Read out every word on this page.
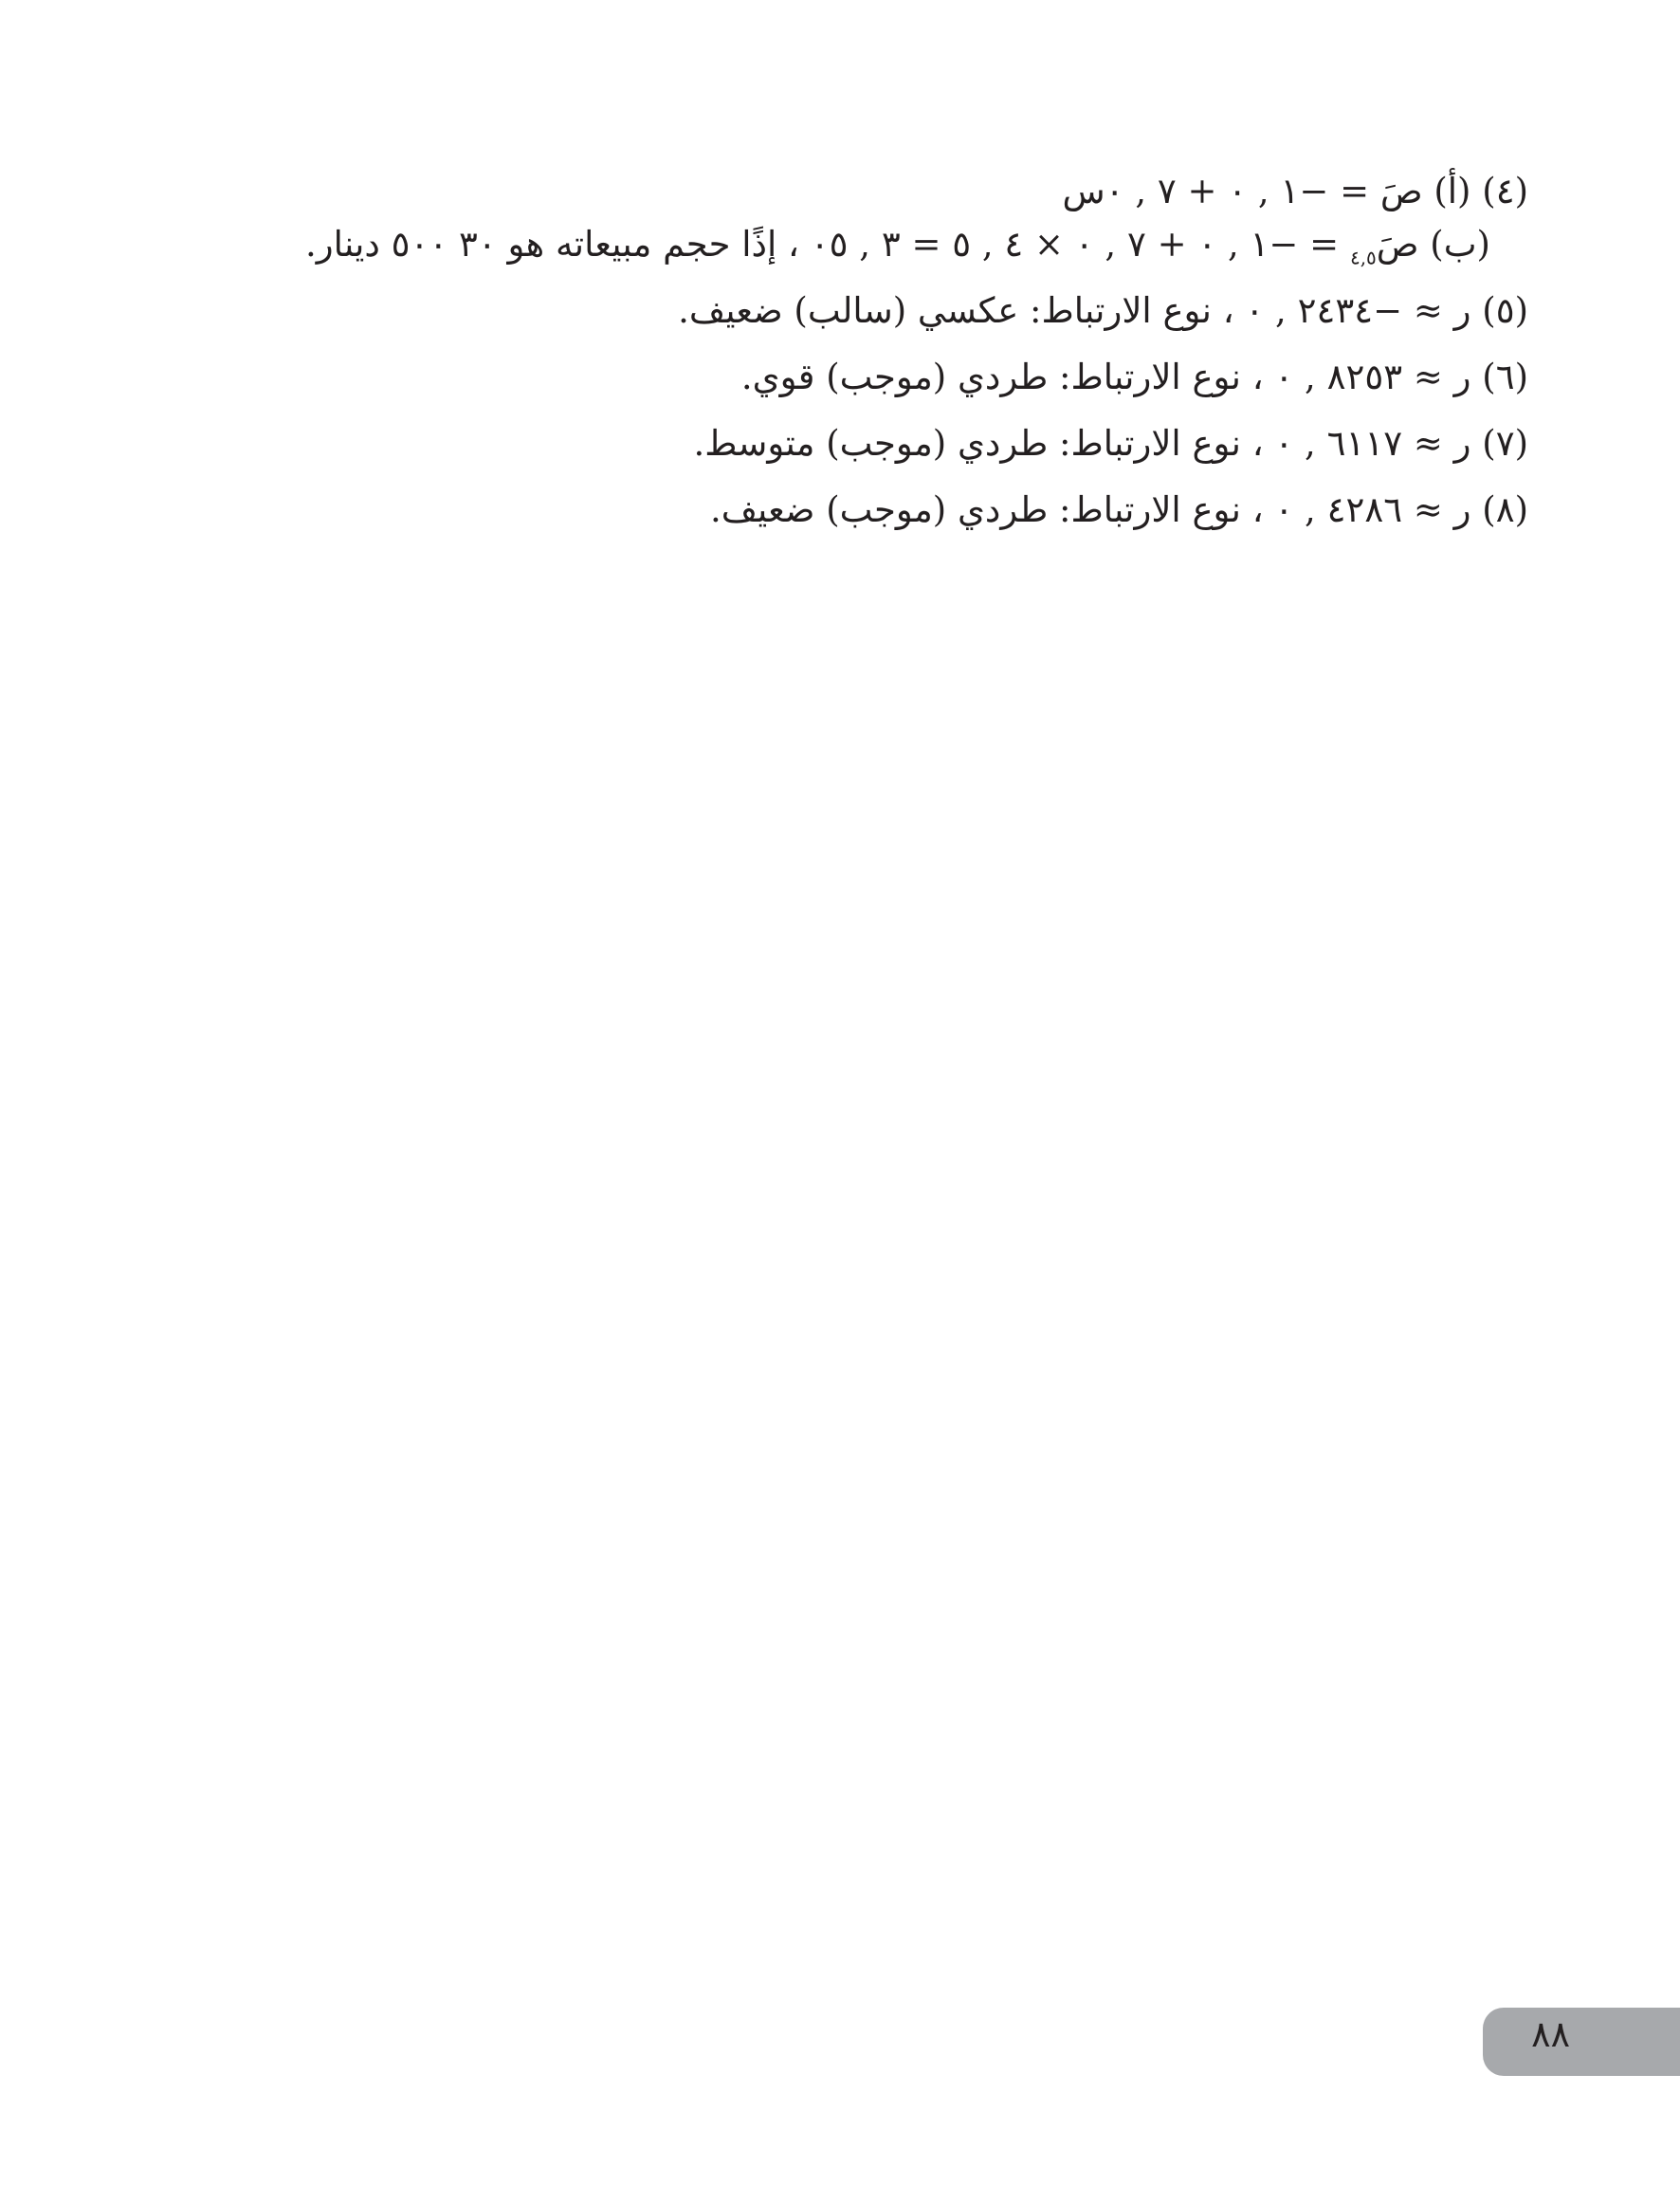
(٤) (أ) صَ = −١ , ٠ + ٧ , ٠س
(ب) $صَ_{٤,٥}$ = −١ , ٠ + ٧ , ٠ × ٤ , ٥ = ٣ , ٠٥ ، إذًا حجم مبيعاته هو ٣٠ ٥٠٠ دينار.
(٥) ر ≈ −٢٤٣٤ , ٠ ، نوع الارتباط: عكسي (سالب) ضعيف.
(٦) ر ≈ ٨٢٥٣ , ٠ ، نوع الارتباط: طردي (موجب) قوي.
(٧) ر ≈ ٦١١٧ , ٠ ، نوع الارتباط: طردي (موجب) متوسط.
(٨) ر ≈ ٤٢٨٦ , ٠ ، نوع الارتباط: طردي (موجب) ضعيف.
٨٨
